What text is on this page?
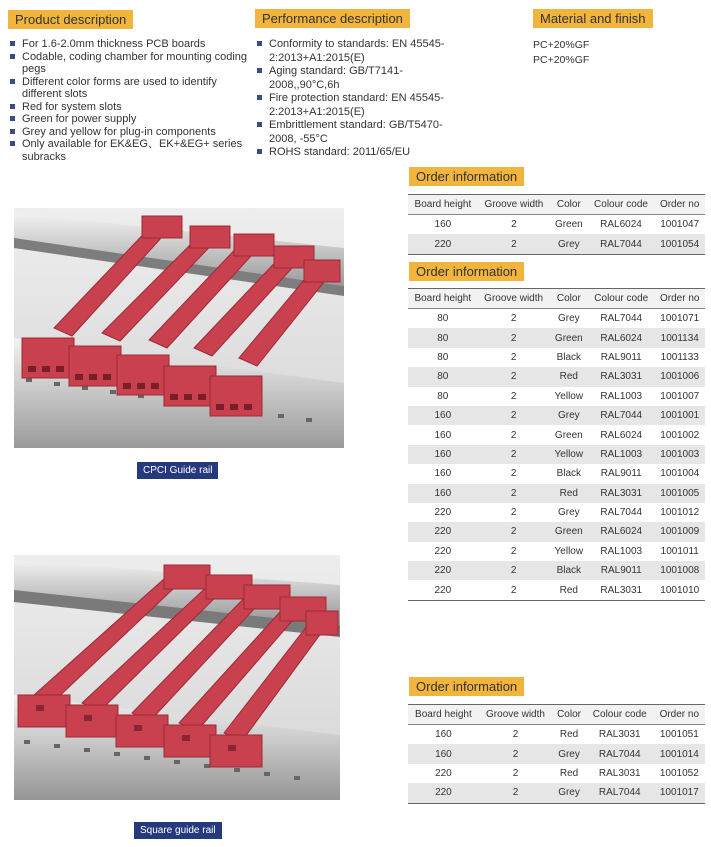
Product description
For 1.6-2.0mm thickness PCB boards
Codable, coding chamber for mounting coding pegs
Different color forms are used to identify different slots
Red for system slots
Green for power supply
Grey and yellow for plug-in components
Only available for EK&EG、EK+&EG+ series subracks
Performance description
Conformity to standards: EN 45545-2:2013+A1:2015(E)
Aging standard: GB/T7141-2008,,90°C,6h
Fire protection standard: EN 45545-2:2013+A1:2015(E)
Embrittlement standard: GB/T5470-2008, -55°C
ROHS standard: 2011/65/EU
Material and finish
PC+20%GF
PC+20%GF
Order information
Board height	Groove width	Color	Colour code	Order no
160	2	Green	RAL6024	1001047
220	2	Grey	RAL7044	1001054
Order information
Board height	Groove width	Color	Colour code	Order no
80	2	Grey	RAL7044	1001071
80	2	Green	RAL6024	1001134
80	2	Black	RAL9011	1001133
80	2	Red	RAL3031	1001006
80	2	Yellow	RAL1003	1001007
160	2	Grey	RAL7044	1001001
160	2	Green	RAL6024	1001002
160	2	Yellow	RAL1003	1001003
160	2	Black	RAL9011	1001004
160	2	Red	RAL3031	1001005
220	2	Grey	RAL7044	1001012
220	2	Green	RAL6024	1001009
220	2	Yellow	RAL1003	1001011
220	2	Black	RAL9011	1001008
220	2	Red	RAL3031	1001010
Order information
Board height	Groove width	Color	Colour code	Order no
160	2	Red	RAL3031	1001051
160	2	Grey	RAL7044	1001014
220	2	Red	RAL3031	1001052
220	2	Grey	RAL7044	1001017
CPCI Guide rail
Square guide rail
